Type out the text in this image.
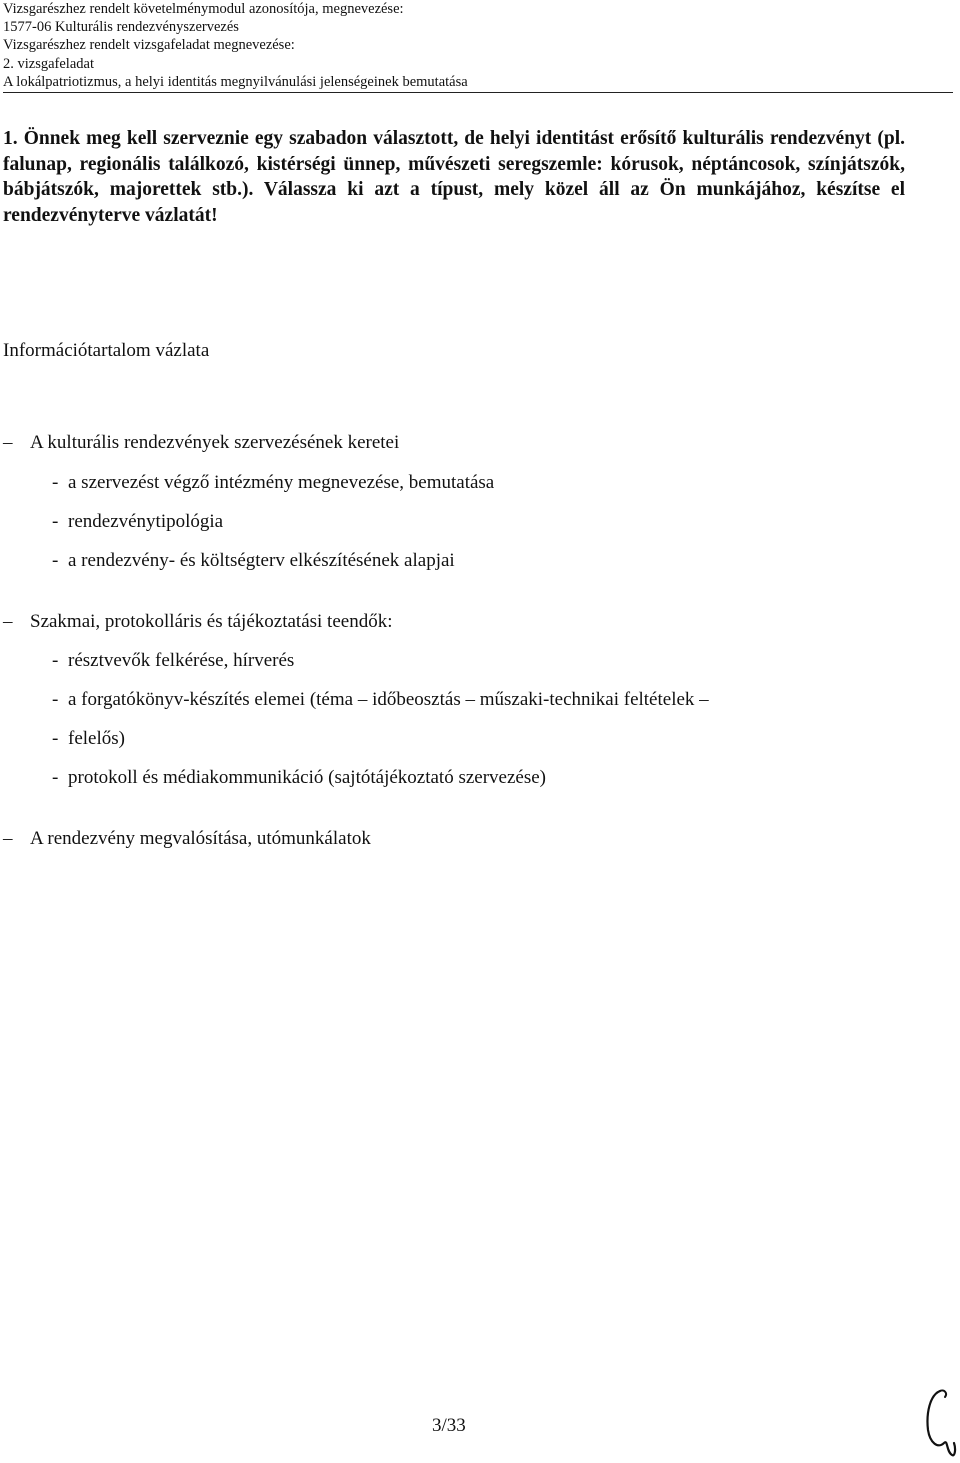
Vizsgarészhez rendelt követelménymodul azonosítója, megnevezése:
1577-06 Kulturális rendezvényszervezés
Vizsgarészhez rendelt vizsgafeladat megnevezése:
2. vizsgafeladat
A lokálpatriotizmus, a helyi identitás megnyilvánulási jelenségeinek bemutatása
1. Önnek meg kell szerveznie egy szabadon választott, de helyi identitást erősítő kulturális rendezvényt (pl. falunap, regionális találkozó, kistérségi ünnep, művészeti seregszemle: kórusok, néptáncosok, színjátszók, bábjátszók, majorettek stb.). Válassza ki azt a típust, mely közel áll az Ön munkájához, készítse el rendezvényterve vázlatát!
Információtartalom vázlata
– A kulturális rendezvények szervezésének keretei
- a szervezést végző intézmény megnevezése, bemutatása
- rendezvénytipológia
- a rendezvény- és költségterv elkészítésének alapjai
– Szakmai, protokolláris és tájékoztatási teendők:
- résztvevők felkérése, hírverés
- a forgatókönyv-készítés elemei (téma – időbeosztás – műszaki-technikai feltételek –
- felelős)
- protokoll és médiakommunikáció (sajtótájékoztató szervezése)
– A rendezvény megvalósítása, utómunkálatok
3/33
